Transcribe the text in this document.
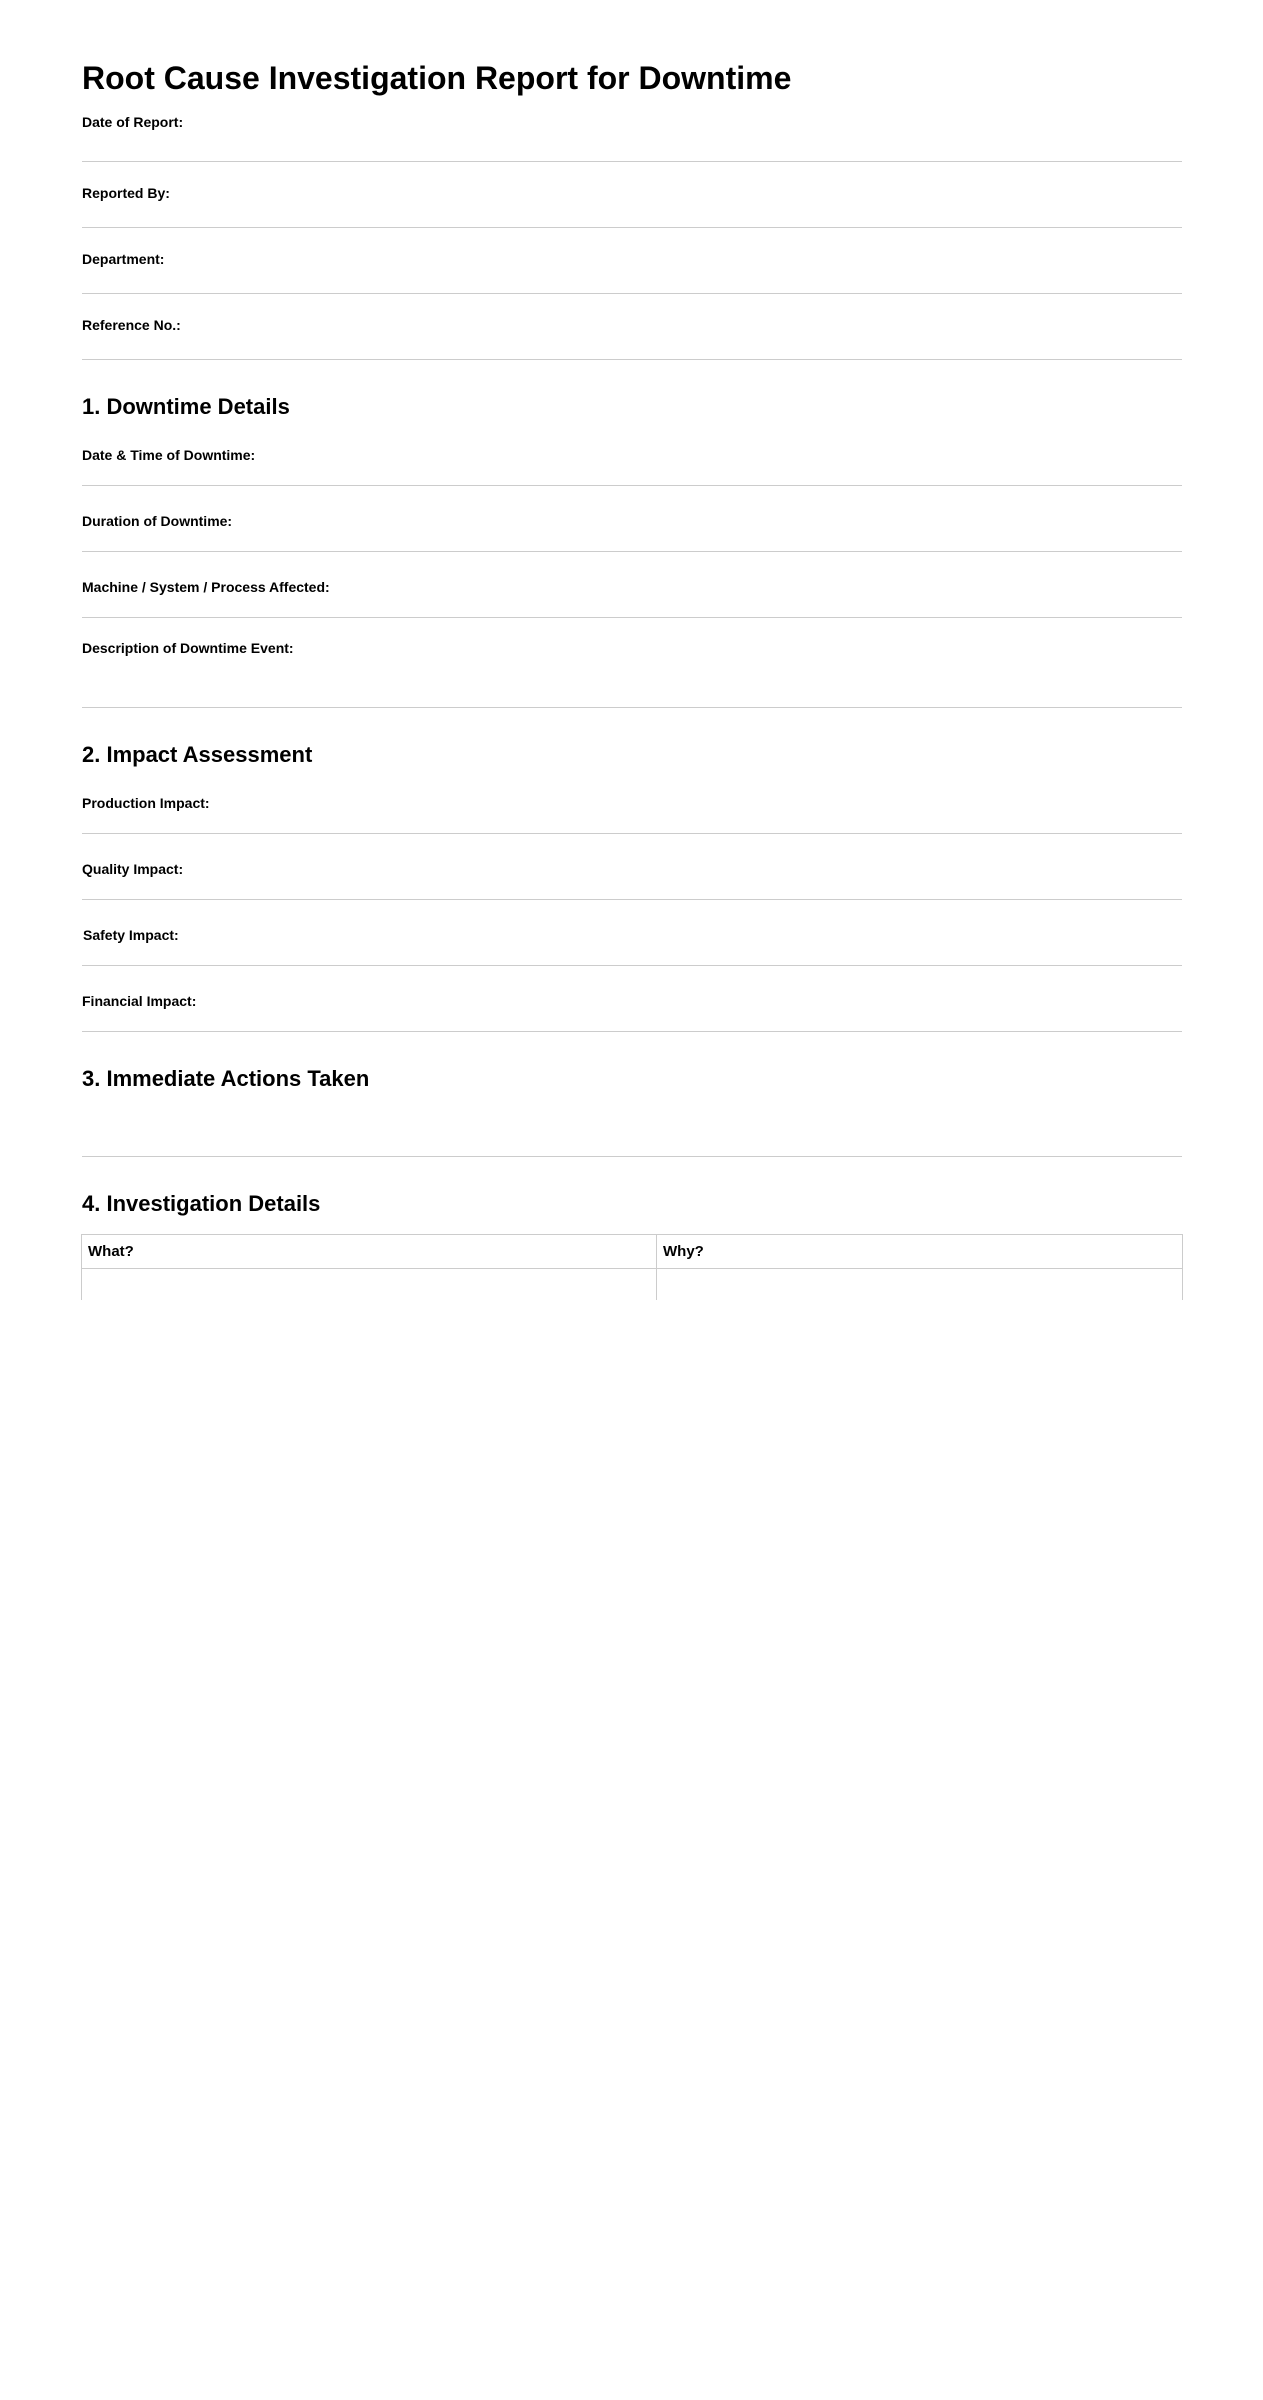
Root Cause Investigation Report for Downtime
Date of Report:
Reported By:
Department:
Reference No.:
1. Downtime Details
Date & Time of Downtime:
Duration of Downtime:
Machine / System / Process Affected:
Description of Downtime Event:
2. Impact Assessment
Production Impact:
Quality Impact:
Safety Impact:
Financial Impact:
3. Immediate Actions Taken
4. Investigation Details
What?	Why?
